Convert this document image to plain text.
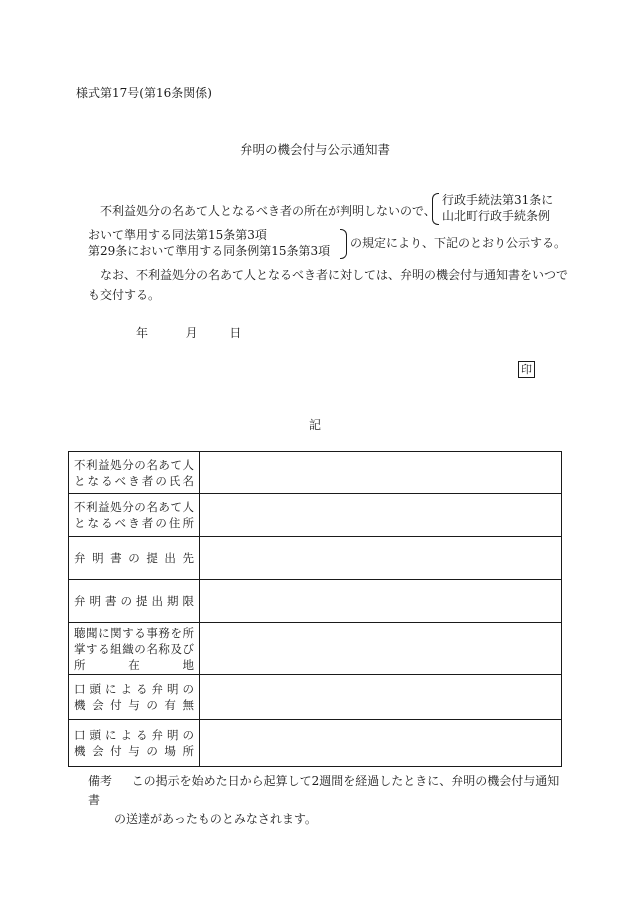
様式第17号(第16条関係)
弁明の機会付与公示通知書
不利益処分の名あて人となるべき者の所在が判明しないので、
行政手続法第31条に
山北町行政手続条例
おいて準用する同法第15条第3項
第29条において準用する同条例第15条第3項
の規定により、下記のとおり公示する。
なお、不利益処分の名あて人となるべき者に対しては、弁明の機会付与通知書をいつで
も交付する。
年	月	日
印
記
不利益処分の名あて人
となるべき者の氏名	

不利益処分の名あて人
となるべき者の住所	

弁明書の提出先	

弁明書の提出期限	

聴聞に関する事務を所
掌する組織の名称及び
所在地	

口頭による弁明の
機会付与の有無	

口頭による弁明の
機会付与の場所	

備考 この掲示を始めた日から起算して2週間を経過したときに、弁明の機会付与通知書
の送達があったものとみなされます。
